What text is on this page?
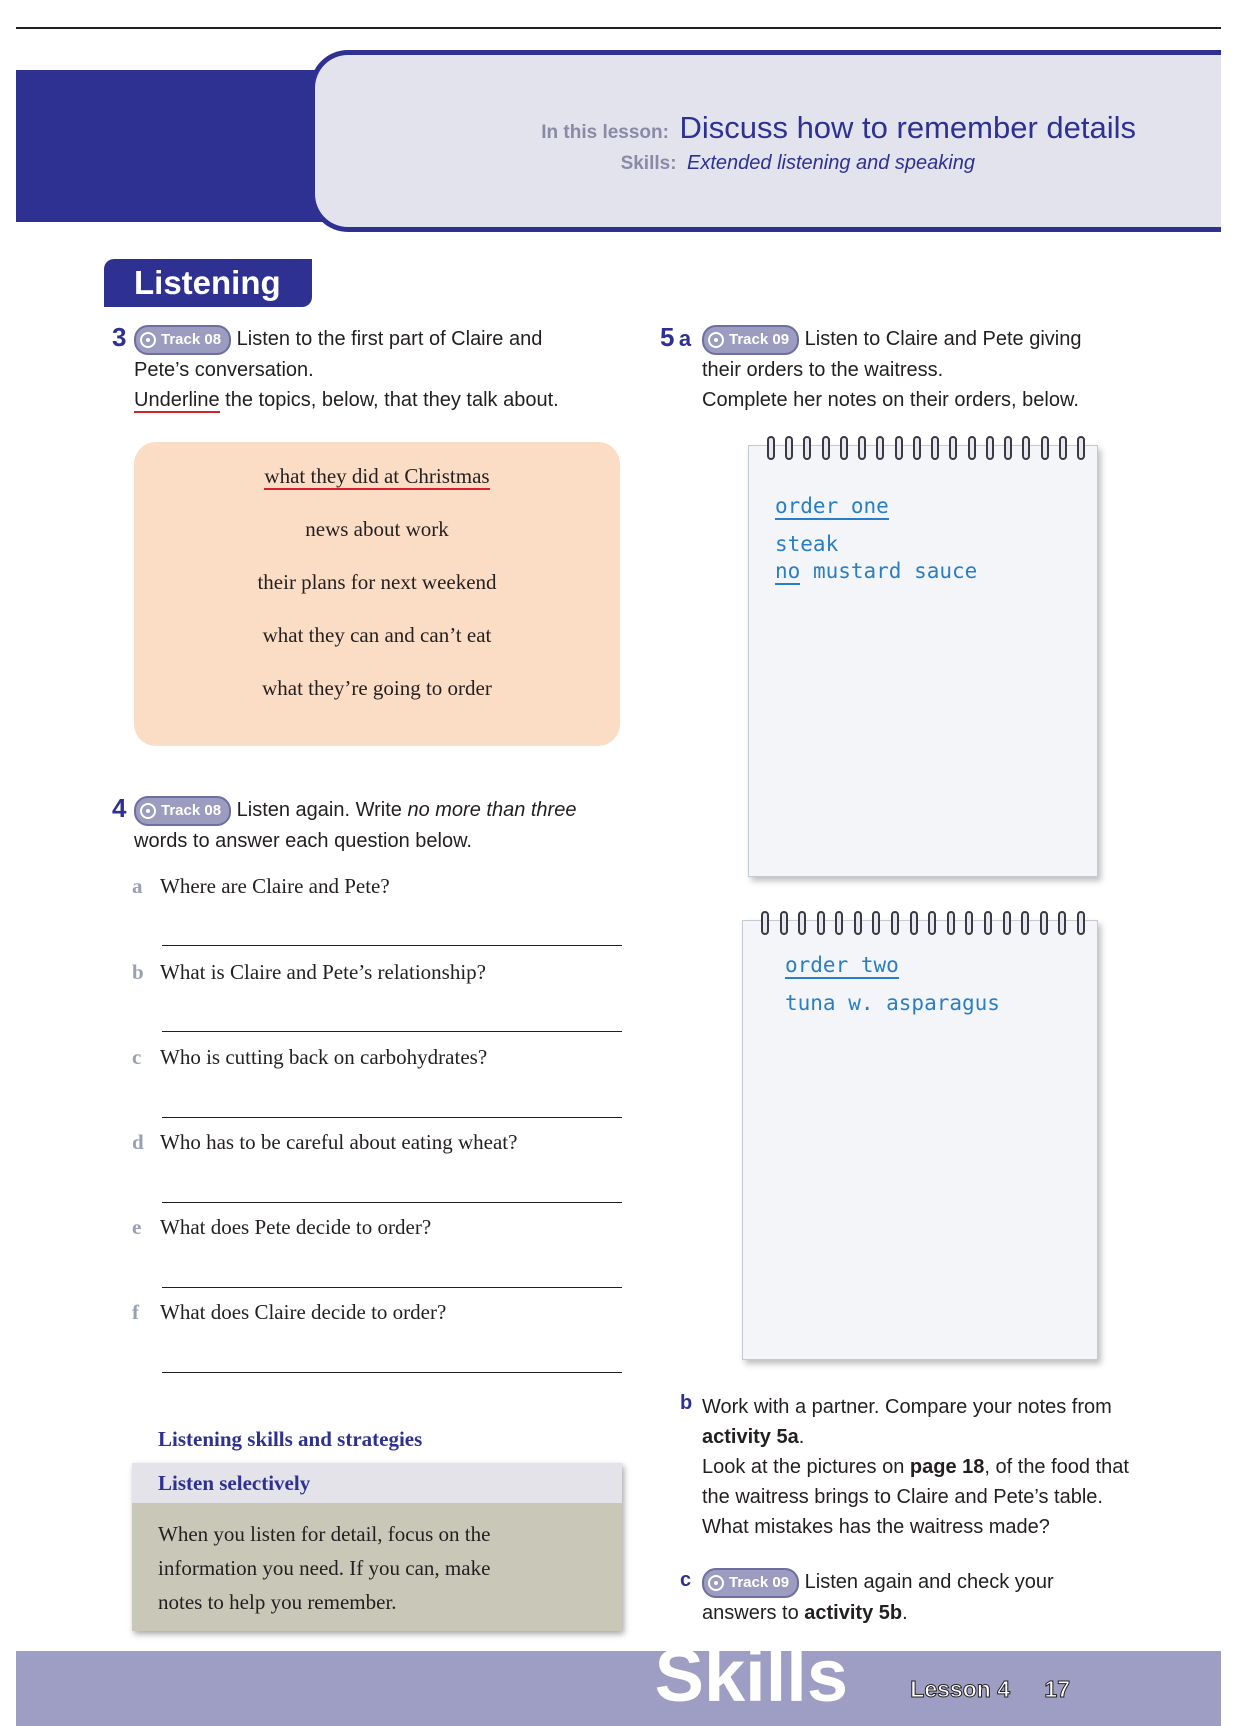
In this lesson: Discuss how to remember details
Skills: Extended listening and speaking
Listening
3	Track 08 Listen to the first part of Claire and
Pete’s conversation.
Underline the topics, below, that they talk about.
what they did at Christmas
news about work
their plans for next weekend
what they can and can’t eat
what they’re going to order
4	Track 08 Listen again. Write no more than three
words to answer each question below.
a Where are Claire and Pete?
b What is Claire and Pete’s relationship?
c Who is cutting back on carbohydrates?
d Who has to be careful about eating wheat?
e What does Pete decide to order?
f What does Claire decide to order?
Listening skills and strategies
Listen selectively
When you listen for detail, focus on the
information you need. If you can, make
notes to help you remember.
5 a	Track 09 Listen to Claire and Pete giving
their orders to the waitress.
Complete her notes on their orders, below.
order one
steak
no mustard sauce
order two
tuna w. asparagus
b Work with a partner. Compare your notes from
activity 5a.
Look at the pictures on page 18, of the food that
the waitress brings to Claire and Pete’s table.
What mistakes has the waitress made?
c	Track 09 Listen again and check your
answers to activity 5b.
Skills	Lesson 4 17
